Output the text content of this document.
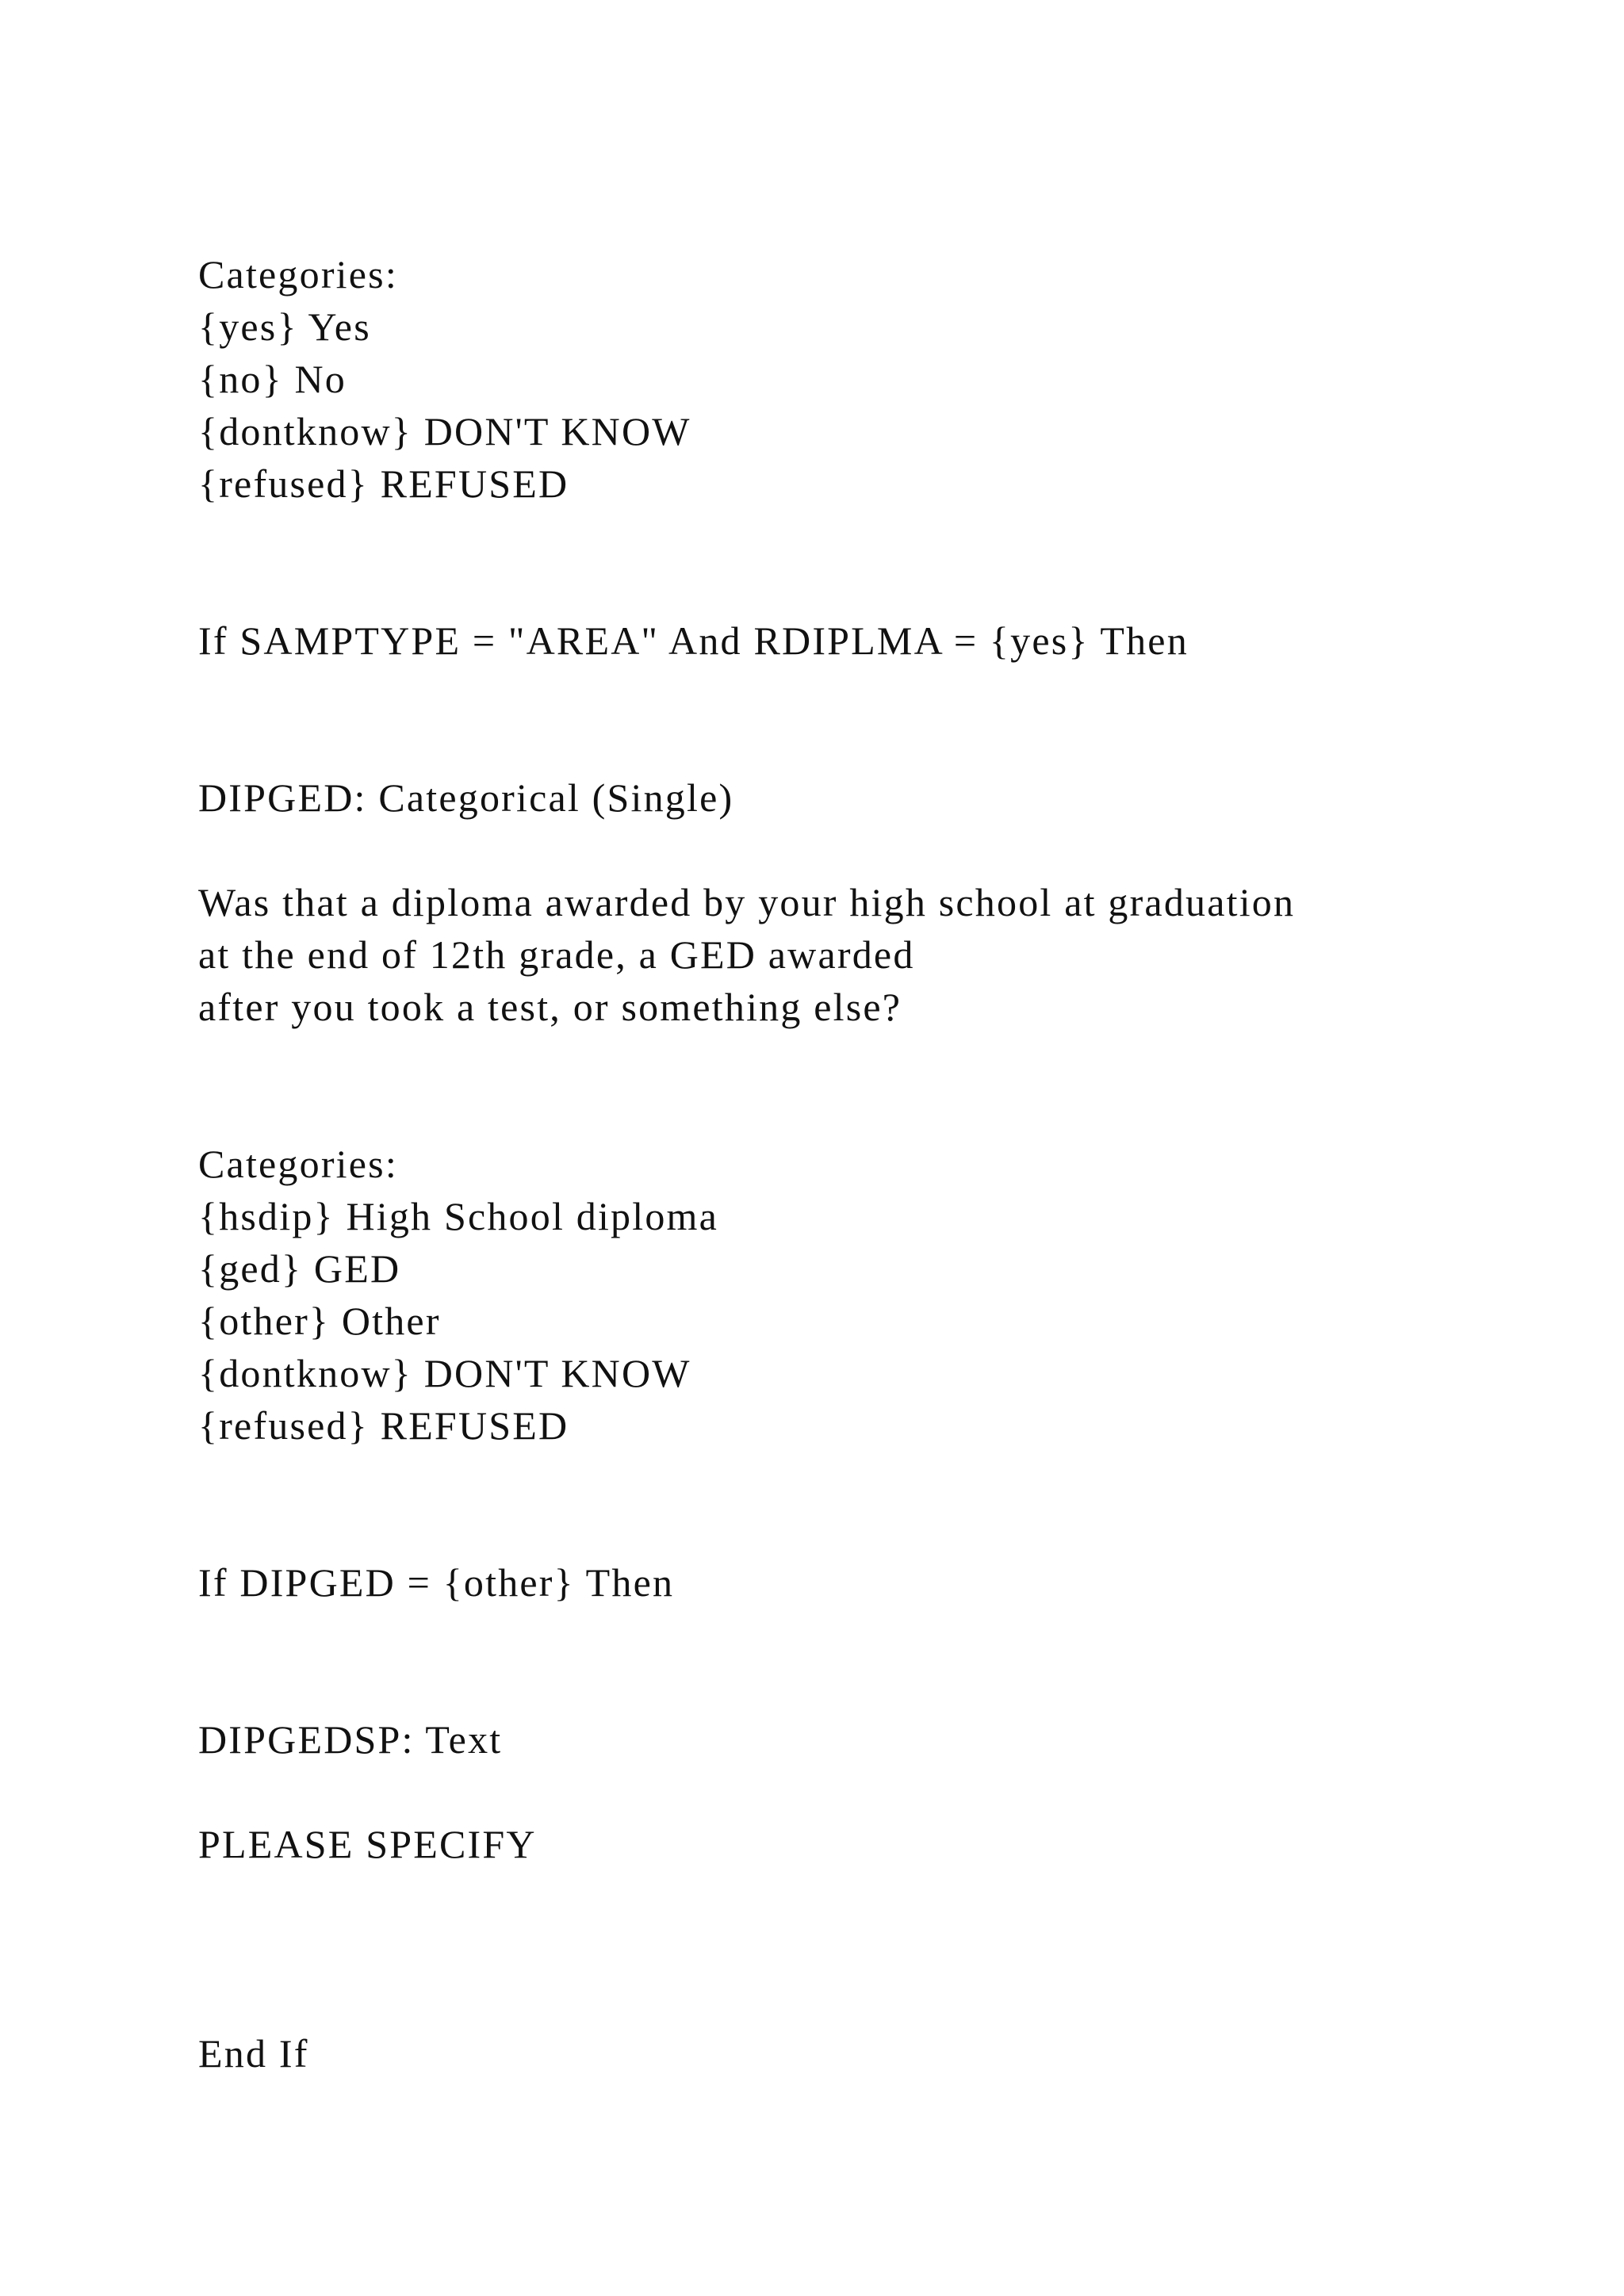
Categories:

{yes} Yes

{no} No

{dontknow} DON'T KNOW

{refused} REFUSED

If SAMPTYPE = "AREA" And RDIPLMA = {yes} Then

DIPGED: Categorical (Single)

Was that a diploma awarded by your high school at graduation

at the end of 12th grade, a GED awarded

after you took a test, or something else?

Categories:

{hsdip} High School diploma

{ged} GED

{other} Other

{dontknow} DON'T KNOW

{refused} REFUSED

If DIPGED = {other} Then

DIPGEDSP: Text

PLEASE SPECIFY

End If
